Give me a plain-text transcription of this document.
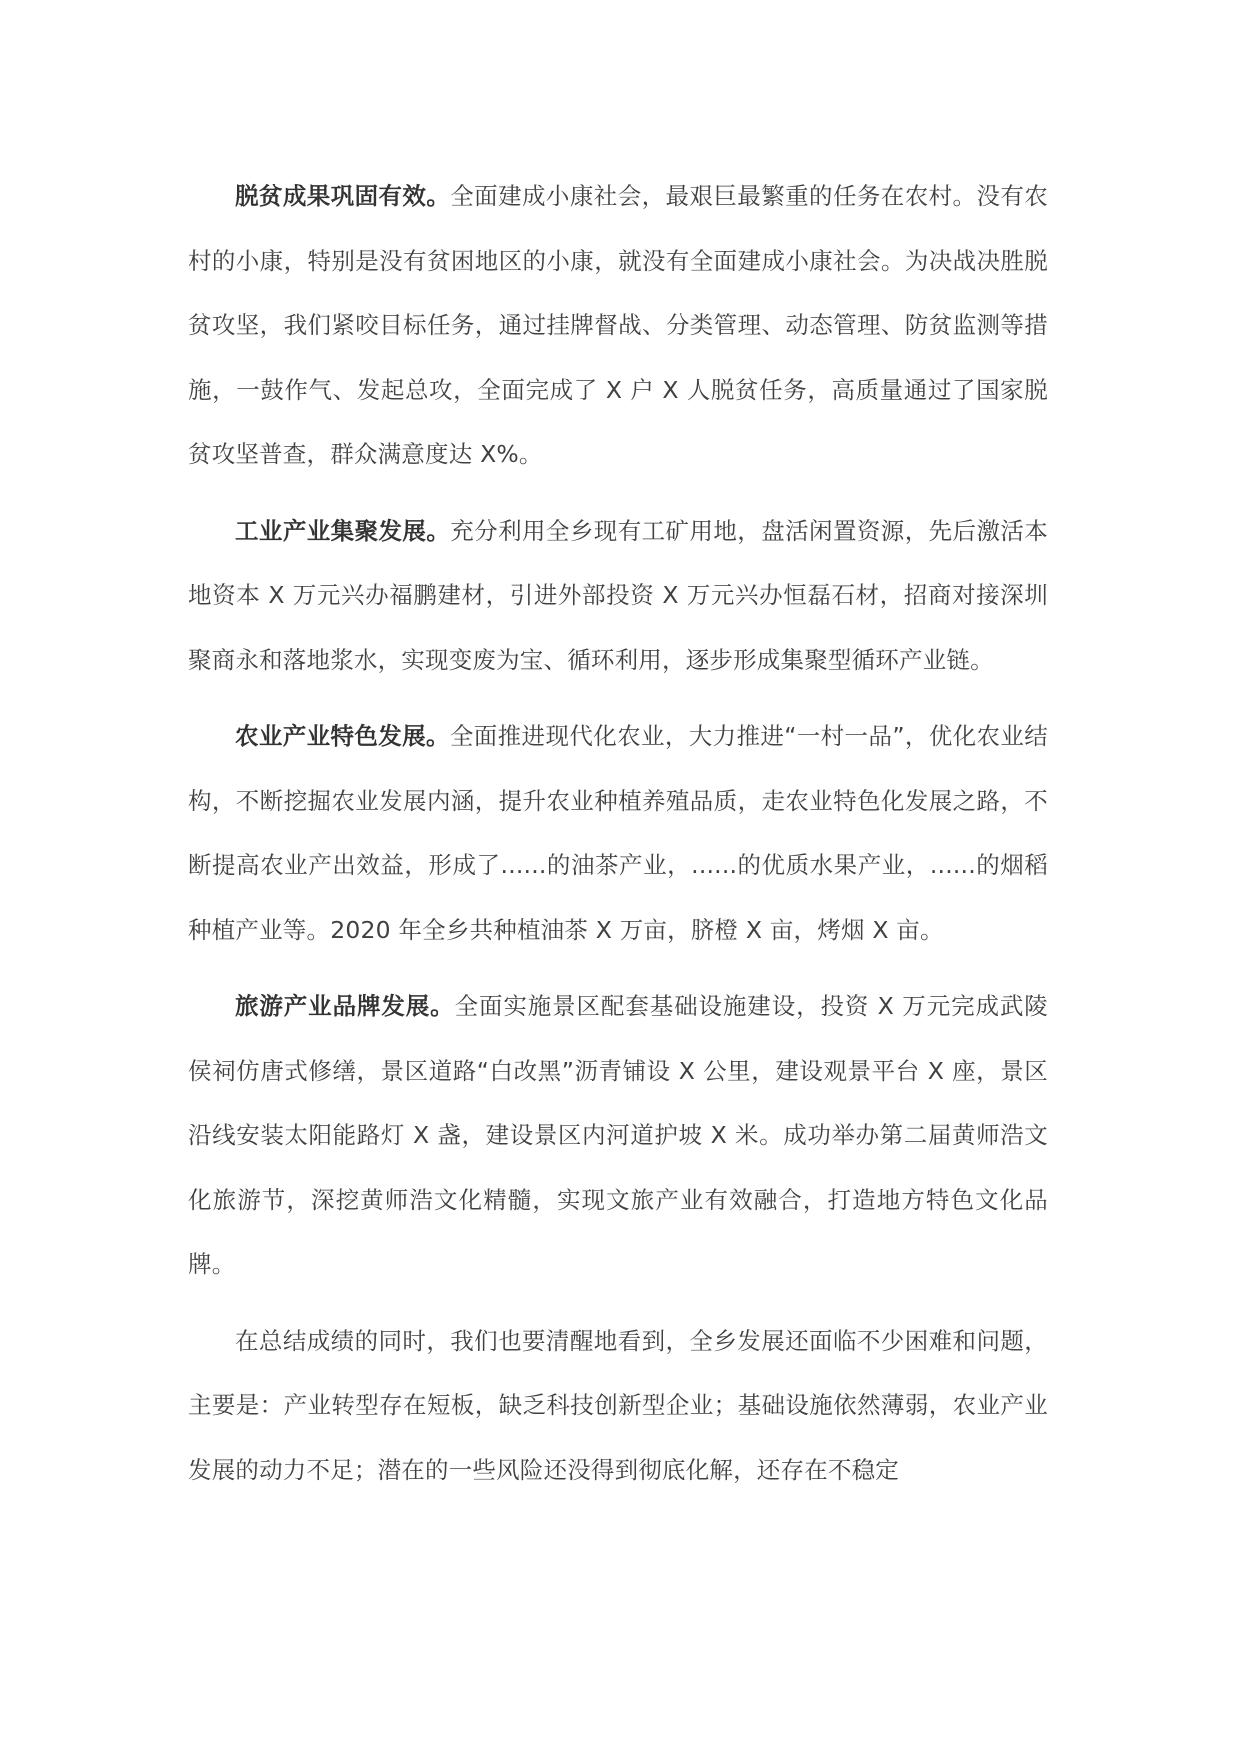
脱贫成果巩固有效。全面建成小康社会，最艰巨最繁重的任务在农村。没有农村的小康，特别是没有贫困地区的小康，就没有全面建成小康社会。为决战决胜脱贫攻坚，我们紧咬目标任务，通过挂牌督战、分类管理、动态管理、防贫监测等措施，一鼓作气、发起总攻，全面完成了 X 户 X 人脱贫任务，高质量通过了国家脱贫攻坚普查，群众满意度达 X%。

工业产业集聚发展。充分利用全乡现有工矿用地，盘活闲置资源，先后激活本地资本 X 万元兴办福鹏建材，引进外部投资 X 万元兴办恒磊石材，招商对接深圳聚商永和落地浆水，实现变废为宝、循环利用，逐步形成集聚型循环产业链。

农业产业特色发展。全面推进现代化农业，大力推进“一村一品”，优化农业结构，不断挖掘农业发展内涵，提升农业种植养殖品质，走农业特色化发展之路，不断提高农业产出效益，形成了......的油茶产业，......的优质水果产业，......的烟稻种植产业等。2020 年全乡共种植油茶 X 万亩，脐橙 X 亩，烤烟 X 亩。

旅游产业品牌发展。全面实施景区配套基础设施建设，投资 X 万元完成武陵侯祠仿唐式修缮，景区道路“白改黑”沥青铺设 X 公里，建设观景平台 X 座，景区沿线安装太阳能路灯 X 盏，建设景区内河道护坡 X 米。成功举办第二届黄师浩文化旅游节，深挖黄师浩文化精髓，实现文旅产业有效融合，打造地方特色文化品牌。

在总结成绩的同时，我们也要清醒地看到，全乡发展还面临不少困难和问题，主要是：产业转型存在短板，缺乏科技创新型企业；基础设施依然薄弱，农业产业发展的动力不足；潜在的一些风险还没得到彻底化解，还存在不稳定
